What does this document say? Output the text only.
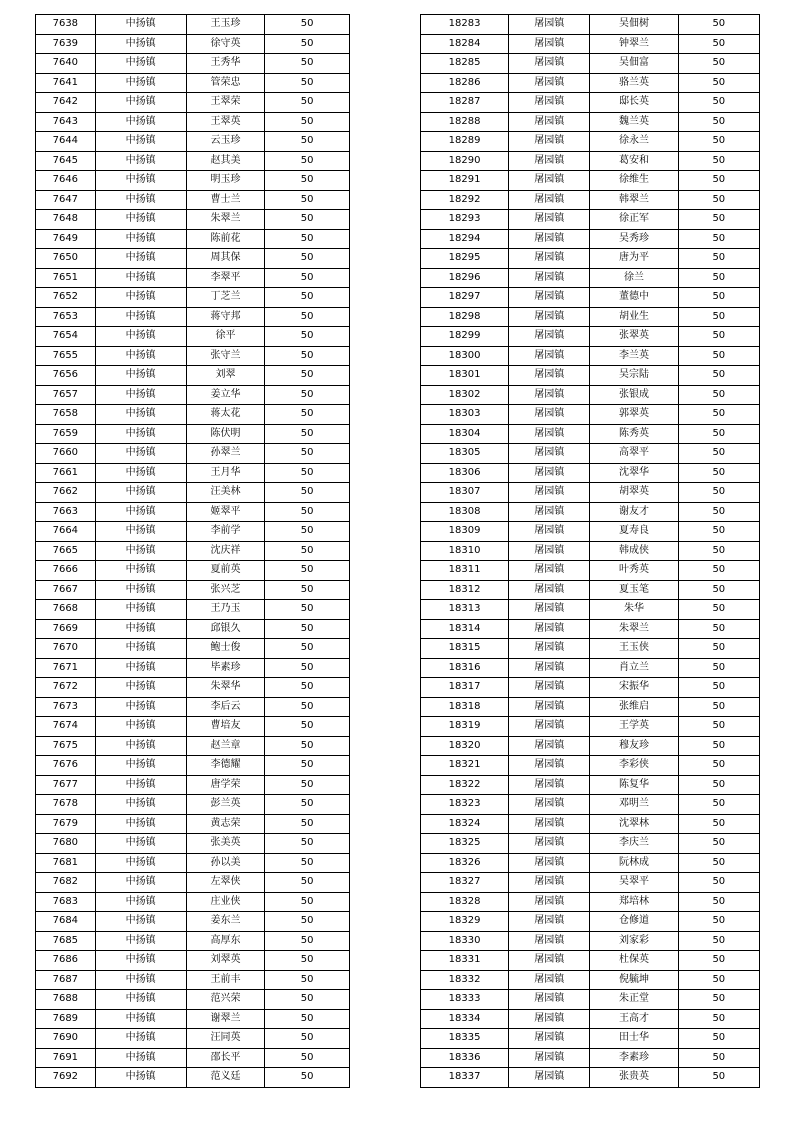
7638	中扬镇	王玉珍	50
7639	中扬镇	徐守英	50
7640	中扬镇	王秀华	50
7641	中扬镇	管荣忠	50
7642	中扬镇	王翠荣	50
7643	中扬镇	王翠英	50
7644	中扬镇	云玉珍	50
7645	中扬镇	赵其美	50
7646	中扬镇	明玉珍	50
7647	中扬镇	曹士兰	50
7648	中扬镇	朱翠兰	50
7649	中扬镇	陈前花	50
7650	中扬镇	周其保	50
7651	中扬镇	李翠平	50
7652	中扬镇	丁芝兰	50
7653	中扬镇	蒋守邦	50
7654	中扬镇	徐平	50
7655	中扬镇	张守兰	50
7656	中扬镇	刘翠	50
7657	中扬镇	姜立华	50
7658	中扬镇	蒋太花	50
7659	中扬镇	陈伏明	50
7660	中扬镇	孙翠兰	50
7661	中扬镇	王月华	50
7662	中扬镇	汪美林	50
7663	中扬镇	姬翠平	50
7664	中扬镇	李前学	50
7665	中扬镇	沈庆祥	50
7666	中扬镇	夏前英	50
7667	中扬镇	张兴芝	50
7668	中扬镇	王乃玉	50
7669	中扬镇	邱银久	50
7670	中扬镇	鲍士俊	50
7671	中扬镇	毕素珍	50
7672	中扬镇	朱翠华	50
7673	中扬镇	李后云	50
7674	中扬镇	曹培友	50
7675	中扬镇	赵兰章	50
7676	中扬镇	李德耀	50
7677	中扬镇	唐学荣	50
7678	中扬镇	彭兰英	50
7679	中扬镇	黄志荣	50
7680	中扬镇	张美英	50
7681	中扬镇	孙以美	50
7682	中扬镇	左翠侠	50
7683	中扬镇	庄业侠	50
7684	中扬镇	姜东兰	50
7685	中扬镇	高厚东	50
7686	中扬镇	刘翠英	50
7687	中扬镇	王前丰	50
7688	中扬镇	范兴荣	50
7689	中扬镇	谢翠兰	50
7690	中扬镇	汪同英	50
7691	中扬镇	邵长平	50
7692	中扬镇	范义廷	50
18283	屠园镇	吴佃树	50
18284	屠园镇	钟翠兰	50
18285	屠园镇	吴佃富	50
18286	屠园镇	骆兰英	50
18287	屠园镇	邸长英	50
18288	屠园镇	魏兰英	50
18289	屠园镇	徐永兰	50
18290	屠园镇	葛安和	50
18291	屠园镇	徐维生	50
18292	屠园镇	韩翠兰	50
18293	屠园镇	徐正军	50
18294	屠园镇	吴秀珍	50
18295	屠园镇	唐为平	50
18296	屠园镇	徐兰	50
18297	屠园镇	董德中	50
18298	屠园镇	胡业生	50
18299	屠园镇	张翠英	50
18300	屠园镇	李兰英	50
18301	屠园镇	吴宗陆	50
18302	屠园镇	张银成	50
18303	屠园镇	郭翠英	50
18304	屠园镇	陈秀英	50
18305	屠园镇	高翠平	50
18306	屠园镇	沈翠华	50
18307	屠园镇	胡翠英	50
18308	屠园镇	谢友才	50
18309	屠园镇	夏寿良	50
18310	屠园镇	韩成侠	50
18311	屠园镇	叶秀英	50
18312	屠园镇	夏玉笔	50
18313	屠园镇	朱华	50
18314	屠园镇	朱翠兰	50
18315	屠园镇	王玉侠	50
18316	屠园镇	肖立兰	50
18317	屠园镇	宋振华	50
18318	屠园镇	张维启	50
18319	屠园镇	王学英	50
18320	屠园镇	穆友珍	50
18321	屠园镇	李彩侠	50
18322	屠园镇	陈复华	50
18323	屠园镇	邓明兰	50
18324	屠园镇	沈翠林	50
18325	屠园镇	李庆兰	50
18326	屠园镇	阮林成	50
18327	屠园镇	吴翠平	50
18328	屠园镇	郑培林	50
18329	屠园镇	仓修道	50
18330	屠园镇	刘家彩	50
18331	屠园镇	杜保英	50
18332	屠园镇	倪毓坤	50
18333	屠园镇	朱正堂	50
18334	屠园镇	王高才	50
18335	屠园镇	田士华	50
18336	屠园镇	李素珍	50
18337	屠园镇	张贵英	50
